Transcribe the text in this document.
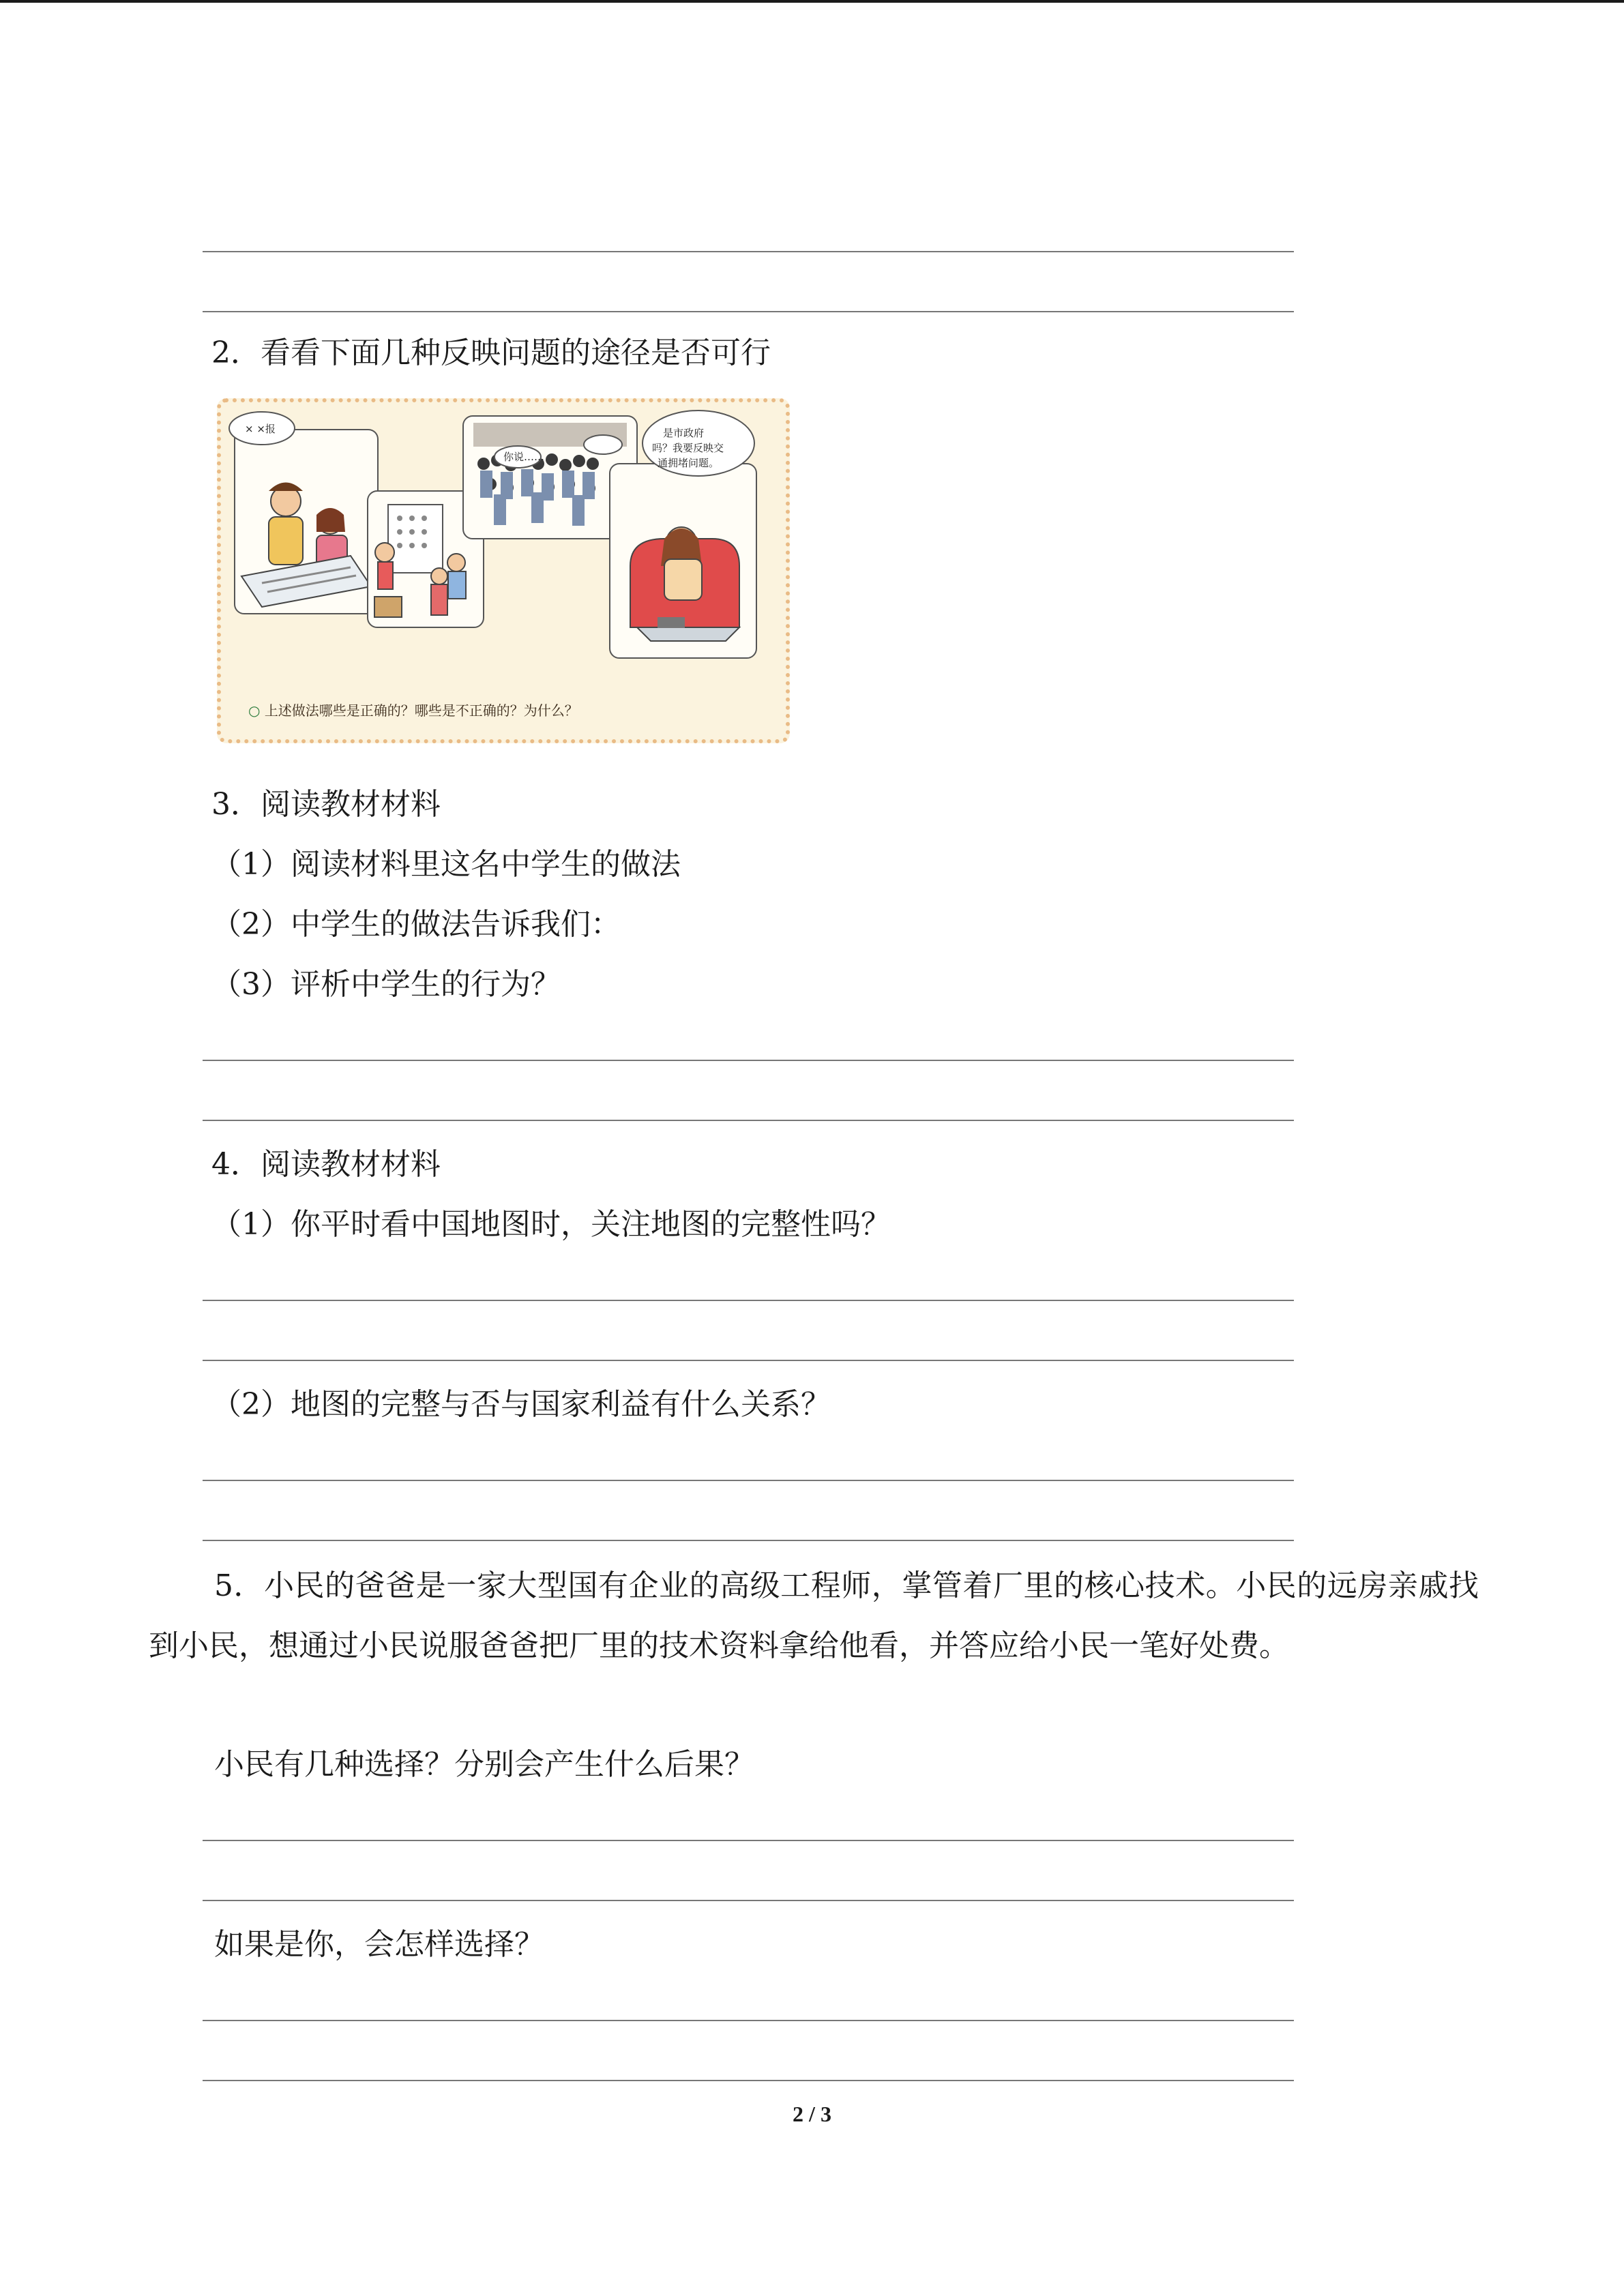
2．看看下面几种反映问题的途径是否可行
× ×报
你说……
是市政府
吗？我要反映交
通拥堵问题。
○ 上述做法哪些是正确的？哪些是不正确的？为什么？
3．阅读教材材料
（1）阅读材料里这名中学生的做法
（2）中学生的做法告诉我们：
（3）评析中学生的行为？
4．阅读教材材料
（1）你平时看中国地图时，关注地图的完整性吗？
（2）地图的完整与否与国家利益有什么关系？
5．小民的爸爸是一家大型国有企业的高级工程师，掌管着厂里的核心技术。小民的远房亲戚找到小民，想通过小民说服爸爸把厂里的技术资料拿给他看，并答应给小民一笔好处费。
小民有几种选择？分别会产生什么后果？
如果是你，会怎样选择？
2 / 3
